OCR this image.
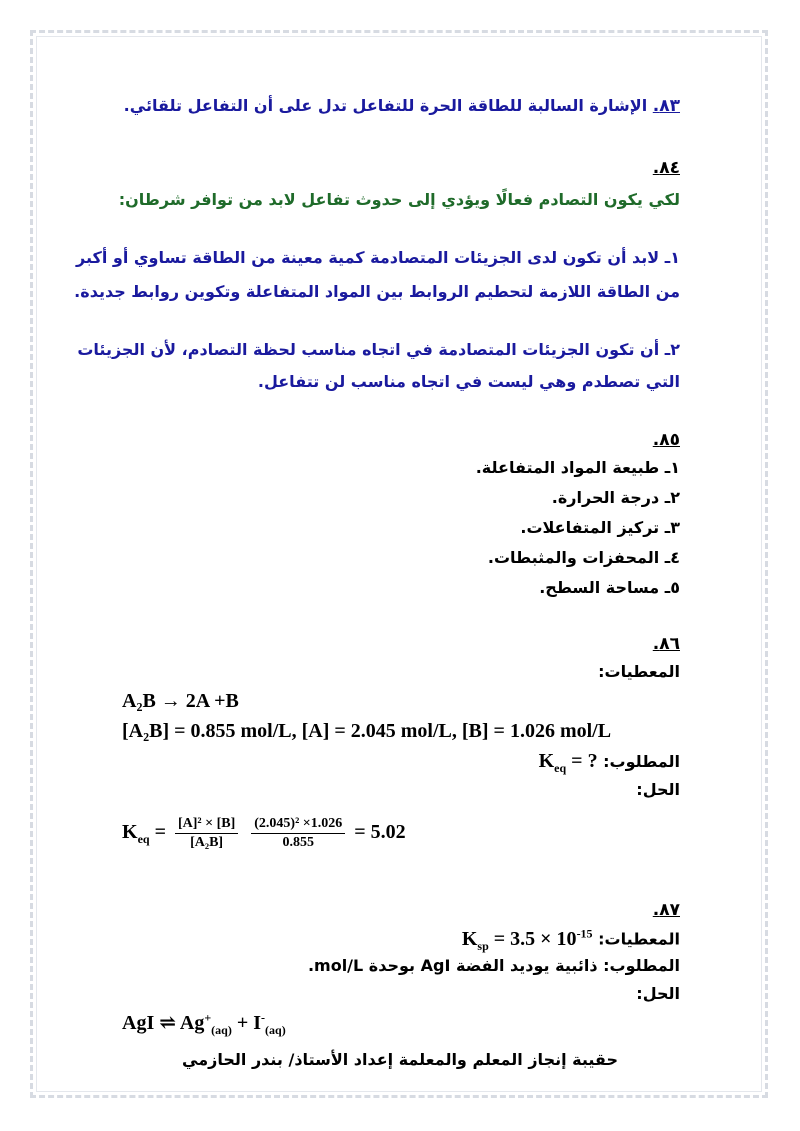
٨٣. الإشارة السالبة للطاقة الحرة للتفاعل تدل على أن التفاعل تلقائي.
٨٤.
لكي يكون التصادم فعالًا ويؤدي إلى حدوث تفاعل لابد من توافر شرطان:
١ـ لابد أن تكون لدى الجزيئات المتصادمة كمية معينة من الطاقة تساوي أو أكبر
من الطاقة اللازمة لتحطيم الروابط بين المواد المتفاعلة وتكوين روابط جديدة.
٢ـ أن تكون الجزيئات المتصادمة في اتجاه مناسب لحظة التصادم، لأن الجزيئات
التي تصطدم وهي ليست في اتجاه مناسب لن تتفاعل.
٨٥.
١ـ طبيعة المواد المتفاعلة.
٢ـ درجة الحرارة.
٣ـ تركيز المتفاعلات.
٤ـ المحفزات والمثبطات.
٥ـ مساحة السطح.
٨٦.
المعطيات:
A₂B → 2A +B
[A₂B] = 0.855 mol/L, [A] = 2.045 mol/L, [B] = 1.026 mol/L
المطلوب: $K_{eq}$ = ?
الحل:
$K_{eq} = \frac{\text{[A]² × [B]}}{\text{[A₂B]}}$
$\frac{\text{(2.045)² ×1.026}}{0.855} = 5.02$
٨٧.
المعطيات: $K_{sp} = 3.5 \times 10^{-15}$
المطلوب: ذائبية يوديد الفضة AgI بوحدة mol/L.
الحل:
AgI ⇌ $Ag^+_{(aq)} + I^-_{(aq)}$
حقيبة إنجاز المعلم والمعلمة إعداد الأستاذ/ بندر الحازمي
